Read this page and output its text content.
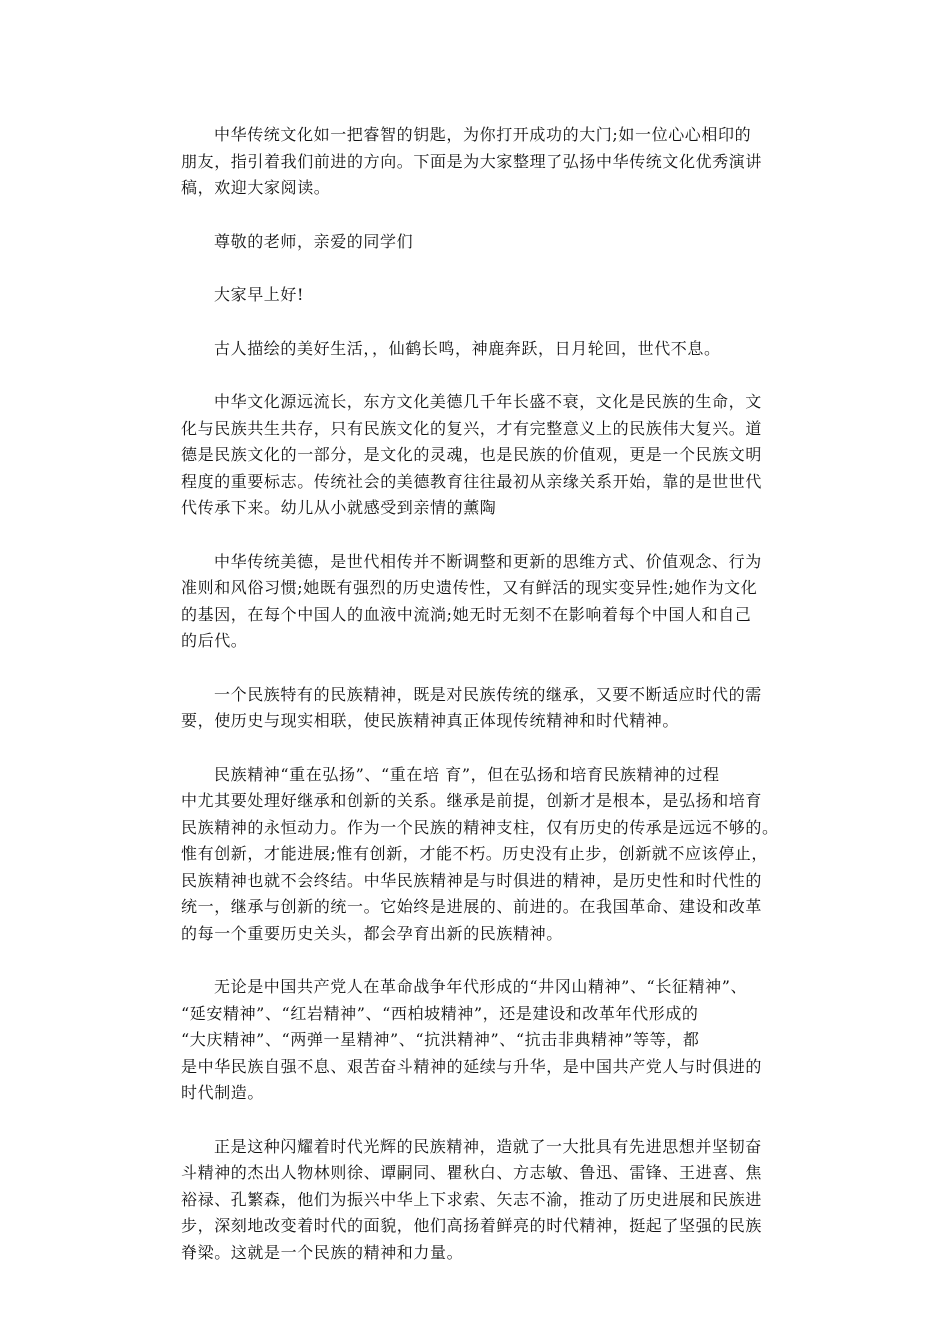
中华传统文化如一把睿智的钥匙，为你打开成功的大门;如一位心心相印的
朋友，指引着我们前进的方向。下面是为大家整理了弘扬中华传统文化优秀演讲
稿，欢迎大家阅读。

尊敬的老师，亲爱的同学们

大家早上好!

古人描绘的美好生活，，仙鹤长鸣，神鹿奔跃，日月轮回，世代不息。

中华文化源远流长，东方文化美德几千年长盛不衰，文化是民族的生命，文
化与民族共生共存，只有民族文化的复兴，才有完整意义上的民族伟大复兴。道
德是民族文化的一部分，是文化的灵魂，也是民族的价值观，更是一个民族文明
程度的重要标志。传统社会的美德教育往往最初从亲缘关系开始，靠的是世世代
代传承下来。幼儿从小就感受到亲情的薰陶

中华传统美德，是世代相传并不断调整和更新的思维方式、价值观念、行为
准则和风俗习惯;她既有强烈的历史遗传性，又有鲜活的现实变异性;她作为文化
的基因，在每个中国人的血液中流淌;她无时无刻不在影响着每个中国人和自己
的后代。

一个民族特有的民族精神，既是对民族传统的继承，又要不断适应时代的需
要，使历史与现实相联，使民族精神真正体现传统精神和时代精神。

民族精神“重在弘扬”、“重在培 育”，但在弘扬和培育民族精神的过程
中尤其要处理好继承和创新的关系。继承是前提，创新才是根本，是弘扬和培育
民族精神的永恒动力。作为一个民族的精神支柱，仅有历史的传承是远远不够的。
惟有创新，才能进展;惟有创新，才能不朽。历史没有止步，创新就不应该停止，
民族精神也就不会终结。中华民族精神是与时俱进的精神，是历史性和时代性的
统一，继承与创新的统一。它始终是进展的、前进的。在我国革命、建设和改革
的每一个重要历史关头，都会孕育出新的民族精神。

无论是中国共产党人在革命战争年代形成的“井冈山精神”、“长征精神”、
“延安精神”、“红岩精神”、“西柏坡精神”，还是建设和改革年代形成的
“大庆精神”、“两弹一星精神”、“抗洪精神”、“抗击非典精神”等等，都
是中华民族自强不息、艰苦奋斗精神的延续与升华，是中国共产党人与时俱进的
时代制造。

正是这种闪耀着时代光辉的民族精神，造就了一大批具有先进思想并坚韧奋
斗精神的杰出人物林则徐、谭嗣同、瞿秋白、方志敏、鲁迅、雷锋、王进喜、焦
裕禄、孔繁森，他们为振兴中华上下求索、矢志不渝，推动了历史进展和民族进
步，深刻地改变着时代的面貌，他们高扬着鲜亮的时代精神，挺起了坚强的民族
脊梁。这就是一个民族的精神和力量。
